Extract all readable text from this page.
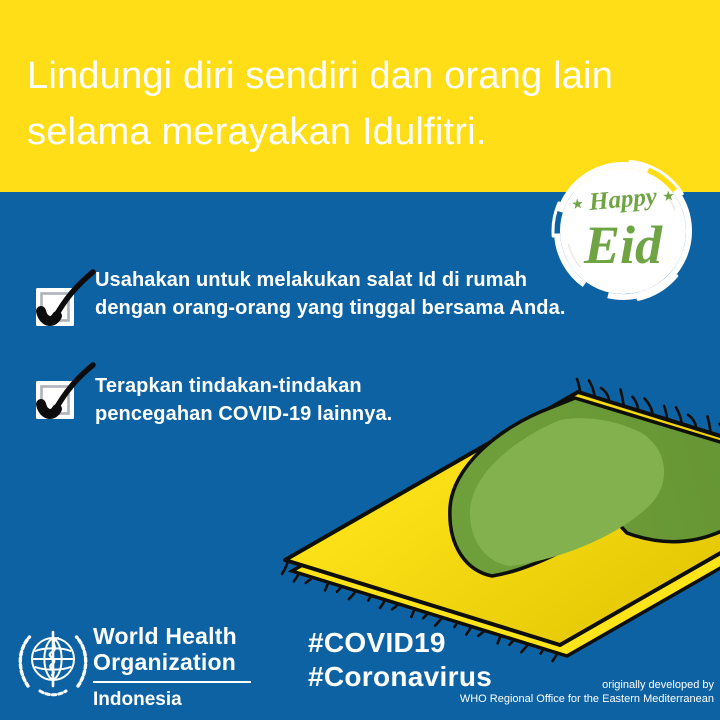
Lindungi diri sendiri dan orang lain
selama merayakan Idulfitri.
★ Happy ★
Eid
Usahakan untuk melakukan salat Id di rumah dengan orang-orang yang tinggal bersama Anda.
Terapkan tindakan-tindakan pencegahan COVID-19 lainnya.
World Health
Organization
Indonesia
#COVID19
#Coronavirus	originally developed by
WHO Regional Office for the Eastern Mediterranean
